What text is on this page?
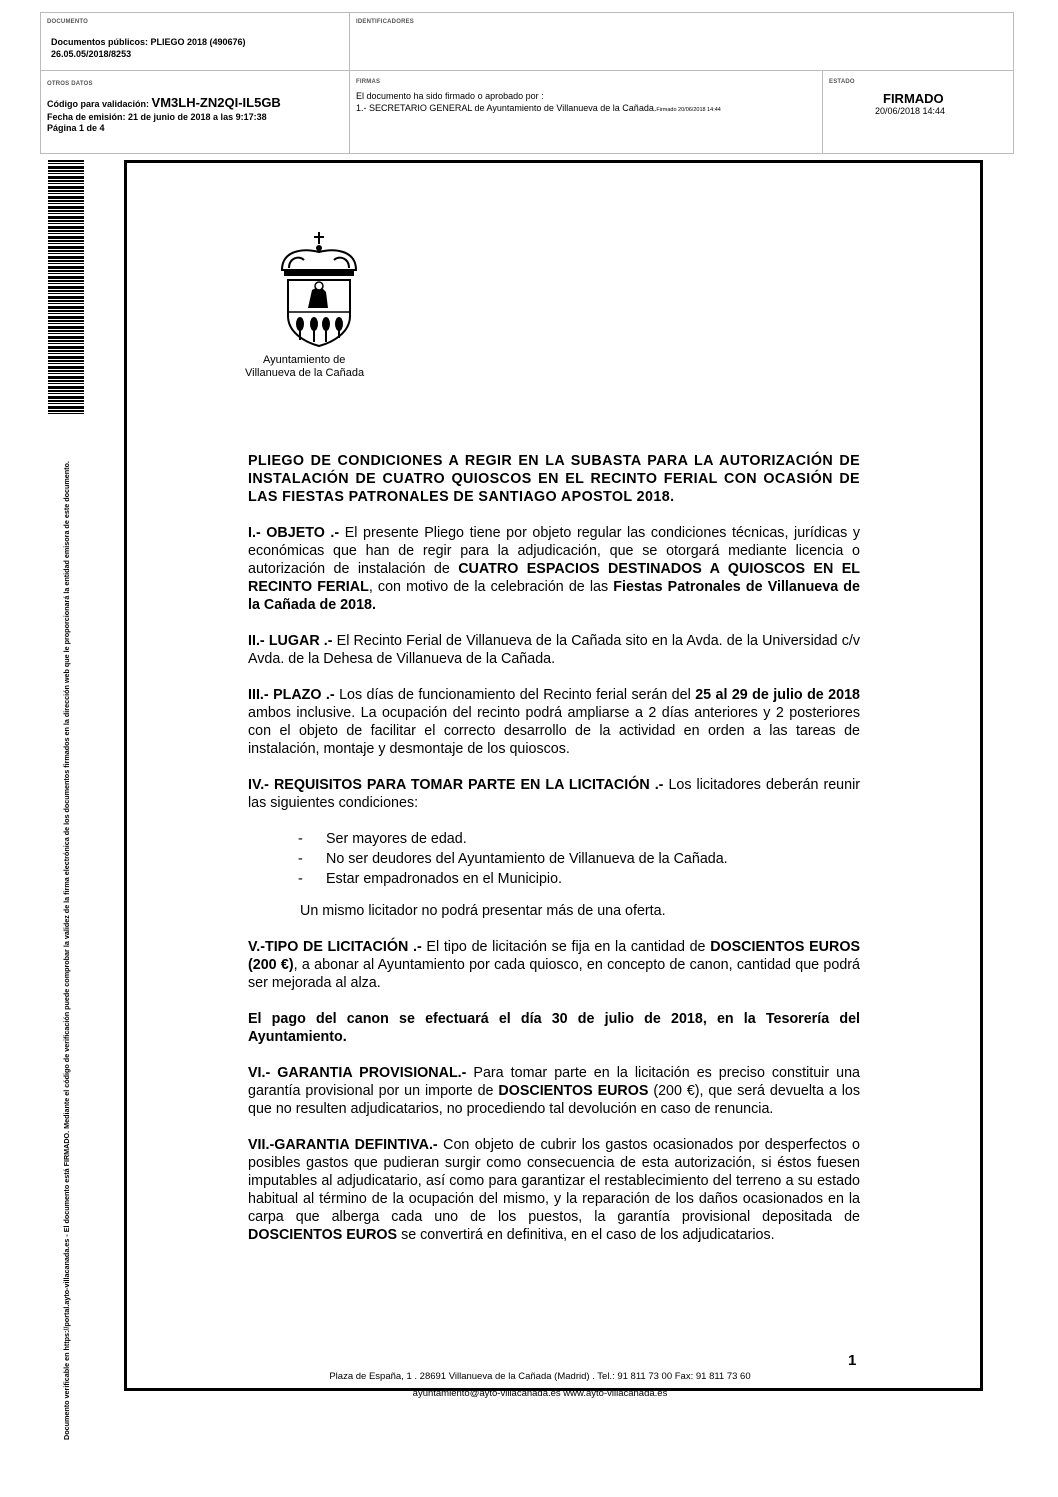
DOCUMENTO
Documentos públicos: PLIEGO 2018 (490676)
26.05.05/2018/8253
IDENTIFICADORES
OTROS DATOS
Código para validación: VM3LH-ZN2QI-IL5GB
Fecha de emisión: 21 de junio de 2018 a las 9:17:38
Página 1 de 4
FIRMAS
El documento ha sido firmado o aprobado por :
1.- SECRETARIO GENERAL de Ayuntamiento de Villanueva de la Cañada.Firmado 20/06/2018 14:44
ESTADO
FIRMADO
20/06/2018 14:44
Documento verificable en https://portal.ayto-villacanada.es - El documento está FIRMADO. Mediante el código de verificación puede comprobar la validez de la firma electrónica de los documentos firmados en la dirección web que le proporcionará la entidad emisora de este documento.
Ayuntamiento de
Villanueva de la Cañada

PLIEGO DE CONDICIONES A REGIR EN LA SUBASTA PARA LA AUTORIZACIÓN DE INSTALACIÓN DE CUATRO QUIOSCOS EN EL RECINTO FERIAL CON OCASIÓN DE LAS FIESTAS PATRONALES DE SANTIAGO APOSTOL 2018.

I.- OBJETO .- El presente Pliego tiene por objeto regular las condiciones técnicas, jurídicas y económicas que han de regir para la adjudicación, que se otorgará mediante licencia o autorización de instalación de CUATRO ESPACIOS DESTINADOS A QUIOSCOS EN EL RECINTO FERIAL, con motivo de la celebración de las Fiestas Patronales de Villanueva de la Cañada de 2018.

II.- LUGAR .- El Recinto Ferial de Villanueva de la Cañada sito en la Avda. de la Universidad c/v Avda. de la Dehesa de Villanueva de la Cañada.

III.- PLAZO .- Los días de funcionamiento del Recinto ferial serán del 25 al 29 de julio de 2018 ambos inclusive. La ocupación del recinto podrá ampliarse a 2 días anteriores y 2 posteriores con el objeto de facilitar el correcto desarrollo de la actividad en orden a las tareas de instalación, montaje y desmontaje de los quioscos.

IV.- REQUISITOS PARA TOMAR PARTE EN LA LICITACIÓN .- Los licitadores deberán reunir las siguientes condiciones:

- Ser mayores de edad.
- No ser deudores del Ayuntamiento de Villanueva de la Cañada.
- Estar empadronados en el Municipio.

Un mismo licitador no podrá presentar más de una oferta.

V.-TIPO DE LICITACIÓN .- El tipo de licitación se fija en la cantidad de DOSCIENTOS EUROS (200 €), a abonar al Ayuntamiento por cada quiosco, en concepto de canon, cantidad que podrá ser mejorada al alza.

El pago del canon se efectuará el día 30 de julio de 2018, en la Tesorería del Ayuntamiento.

VI.- GARANTIA PROVISIONAL.- Para tomar parte en la licitación es preciso constituir una garantía provisional por un importe de DOSCIENTOS EUROS (200 €), que será devuelta a los que no resulten adjudicatarios, no procediendo tal devolución en caso de renuncia.

VII.-GARANTIA DEFINTIVA.- Con objeto de cubrir los gastos ocasionados por desperfectos o posibles gastos que pudieran surgir como consecuencia de esta autorización, si éstos fuesen imputables al adjudicatario, así como para garantizar el restablecimiento del terreno a su estado habitual al término de la ocupación del mismo, y la reparación de los daños ocasionados en la carpa que alberga cada uno de los puestos, la garantía provisional depositada de DOSCIENTOS EUROS se convertirá en definitiva, en el caso de los adjudicatarios.

1
Plaza de España, 1 . 28691 Villanueva de la Cañada (Madrid) . Tel.: 91 811 73 00 Fax: 91 811 73 60
ayuntamiento@ayto-villacanada.es www.ayto-villacanada.es
